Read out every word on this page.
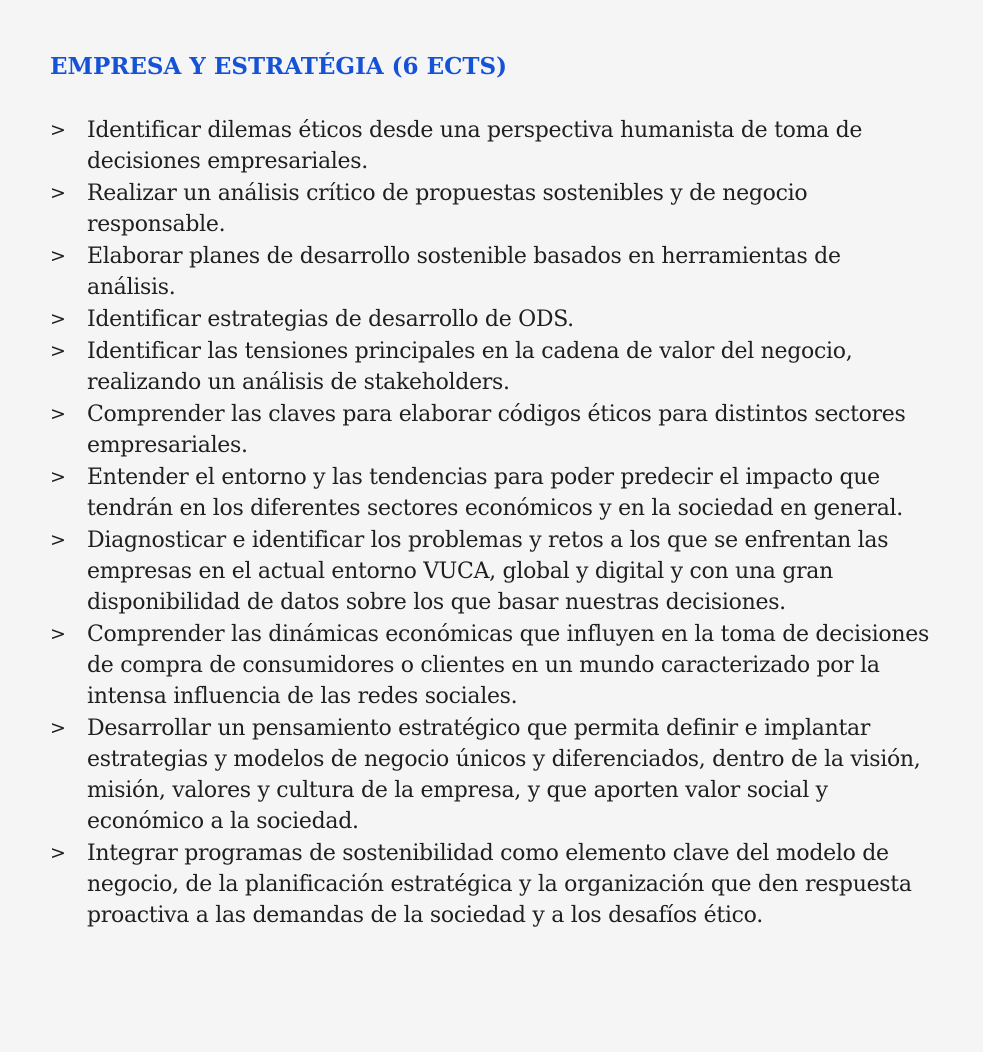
EMPRESA Y ESTRATÉGIA (6 ECTS)
> Identificar dilemas éticos desde una perspectiva humanista de toma de decisiones empresariales.
> Realizar un análisis crítico de propuestas sostenibles y de negocio responsable.
> Elaborar planes de desarrollo sostenible basados en herramientas de análisis.
> Identificar estrategias de desarrollo de ODS.
> Identificar las tensiones principales en la cadena de valor del negocio, realizando un análisis de stakeholders.
> Comprender las claves para elaborar códigos éticos para distintos sectores empresariales.
> Entender el entorno y las tendencias para poder predecir el impacto que tendrán en los diferentes sectores económicos y en la sociedad en general.
> Diagnosticar e identificar los problemas y retos a los que se enfrentan las empresas en el actual entorno VUCA, global y digital y con una gran disponibilidad de datos sobre los que basar nuestras decisiones.
> Comprender las dinámicas económicas que influyen en la toma de decisiones de compra de consumidores o clientes en un mundo caracterizado por la intensa influencia de las redes sociales.
> Desarrollar un pensamiento estratégico que permita definir e implantar estrategias y modelos de negocio únicos y diferenciados, dentro de la visión, misión, valores y cultura de la empresa, y que aporten valor social y económico a la sociedad.
> Integrar programas de sostenibilidad como elemento clave del modelo de negocio, de la planificación estratégica y la organización que den respuesta proactiva a las demandas de la sociedad y a los desafíos ético.
